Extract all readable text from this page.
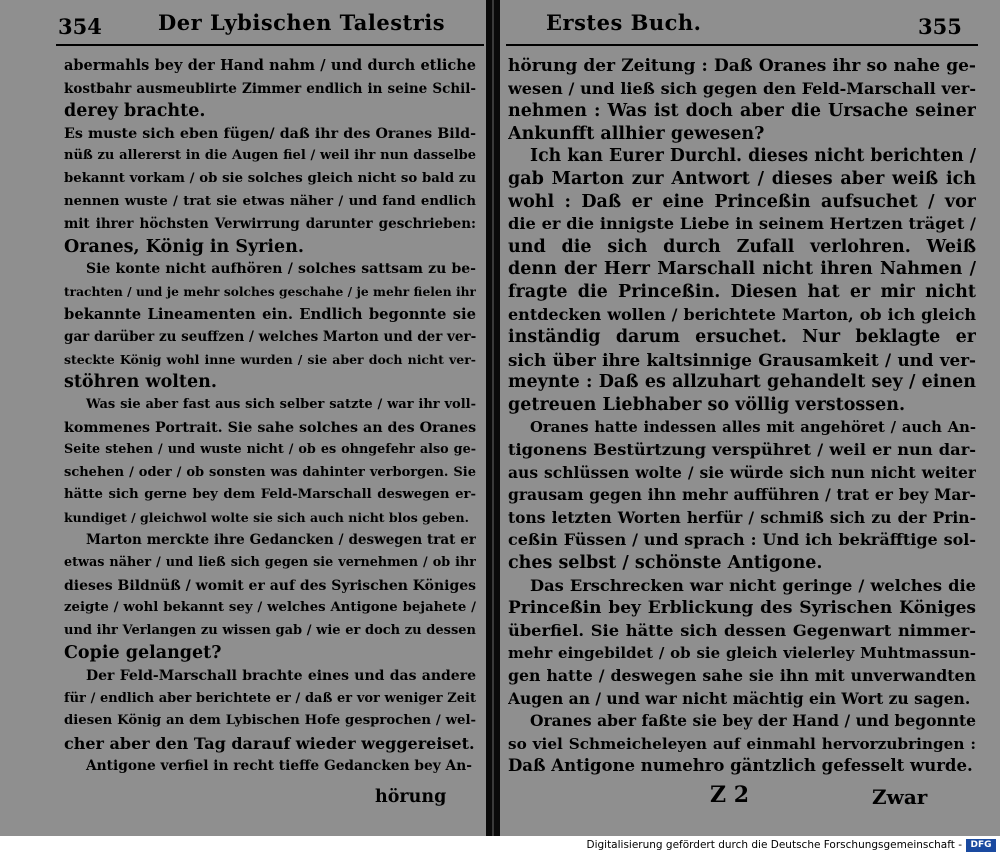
354	Der Lybischen Talestris
abermahls bey der Hand nahm / und durch etliche
kostbahr ausmeublirte Zimmer endlich in seine Schil-
derey brachte.
Es muste sich eben fügen/ daß ihr des Oranes Bild-
nüß zu allererst in die Augen fiel / weil ihr nun dasselbe
bekannt vorkam / ob sie solches gleich nicht so bald zu
nennen wuste / trat sie etwas näher / und fand endlich
mit ihrer höchsten Verwirrung darunter geschrieben:
Oranes, König in Syrien.
Sie konte nicht aufhören / solches sattsam zu be-
trachten / und je mehr solches geschahe / je mehr fielen ihr
bekannte Lineamenten ein. Endlich begonnte sie
gar darüber zu seuffzen / welches Marton und der ver-
steckte König wohl inne wurden / sie aber doch nicht ver-
stöhren wolten.
Was sie aber fast aus sich selber satzte / war ihr voll-
kommenes Portrait. Sie sahe solches an des Oranes
Seite stehen / und wuste nicht / ob es ohngefehr also ge-
schehen / oder / ob sonsten was dahinter verborgen. Sie
hätte sich gerne bey dem Feld-Marschall deswegen er-
kundiget / gleichwol wolte sie sich auch nicht blos geben.
Marton merckte ihre Gedancken / deswegen trat er
etwas näher / und ließ sich gegen sie vernehmen / ob ihr
dieses Bildnüß / womit er auf des Syrischen Königes
zeigte / wohl bekannt sey / welches Antigone bejahete /
und ihr Verlangen zu wissen gab / wie er doch zu dessen
Copie gelanget?
Der Feld-Marschall brachte eines und das andere
für / endlich aber berichtete er / daß er vor weniger Zeit
diesen König an dem Lybischen Hofe gesprochen / wel-
cher aber den Tag darauf wieder weggereiset.
Antigone verfiel in recht tieffe Gedancken bey An-
hörung
Erstes Buch.	355
hörung der Zeitung : Daß Oranes ihr so nahe ge-
wesen / und ließ sich gegen den Feld-Marschall ver-
nehmen : Was ist doch aber die Ursache seiner
Ankunfft allhier gewesen?
Ich kan Eurer Durchl. dieses nicht berichten /
gab Marton zur Antwort / dieses aber weiß ich
wohl : Daß er eine Princeßin aufsuchet / vor
die er die innigste Liebe in seinem Hertzen träget /
und die sich durch Zufall verlohren. Weiß
denn der Herr Marschall nicht ihren Nahmen /
fragte die Princeßin. Diesen hat er mir nicht
entdecken wollen / berichtete Marton, ob ich gleich
inständig darum ersuchet. Nur beklagte er
sich über ihre kaltsinnige Grausamkeit / und ver-
meynte : Daß es allzuhart gehandelt sey / einen
getreuen Liebhaber so völlig verstossen.
Oranes hatte indessen alles mit angehöret / auch An-
tigonens Bestürtzung verspühret / weil er nun dar-
aus schlüssen wolte / sie würde sich nun nicht weiter
grausam gegen ihn mehr aufführen / trat er bey Mar-
tons letzten Worten herfür / schmiß sich zu der Prin-
ceßin Füssen / und sprach : Und ich bekräfftige sol-
ches selbst / schönste Antigone.
Das Erschrecken war nicht geringe / welches die
Princeßin bey Erblickung des Syrischen Königes
überfiel. Sie hätte sich dessen Gegenwart nimmer-
mehr eingebildet / ob sie gleich vielerley Muhtmassun-
gen hatte / deswegen sahe sie ihn mit unverwandten
Augen an / und war nicht mächtig ein Wort zu sagen.
Oranes aber faßte sie bey der Hand / und begonnte
so viel Schmeicheleyen auf einmahl hervorzubringen :
Daß Antigone numehro gäntzlich gefesselt wurde.
Z 2	Zwar
Digitalisierung gefördert durch die Deutsche Forschungsgemeinschaft - DFG
